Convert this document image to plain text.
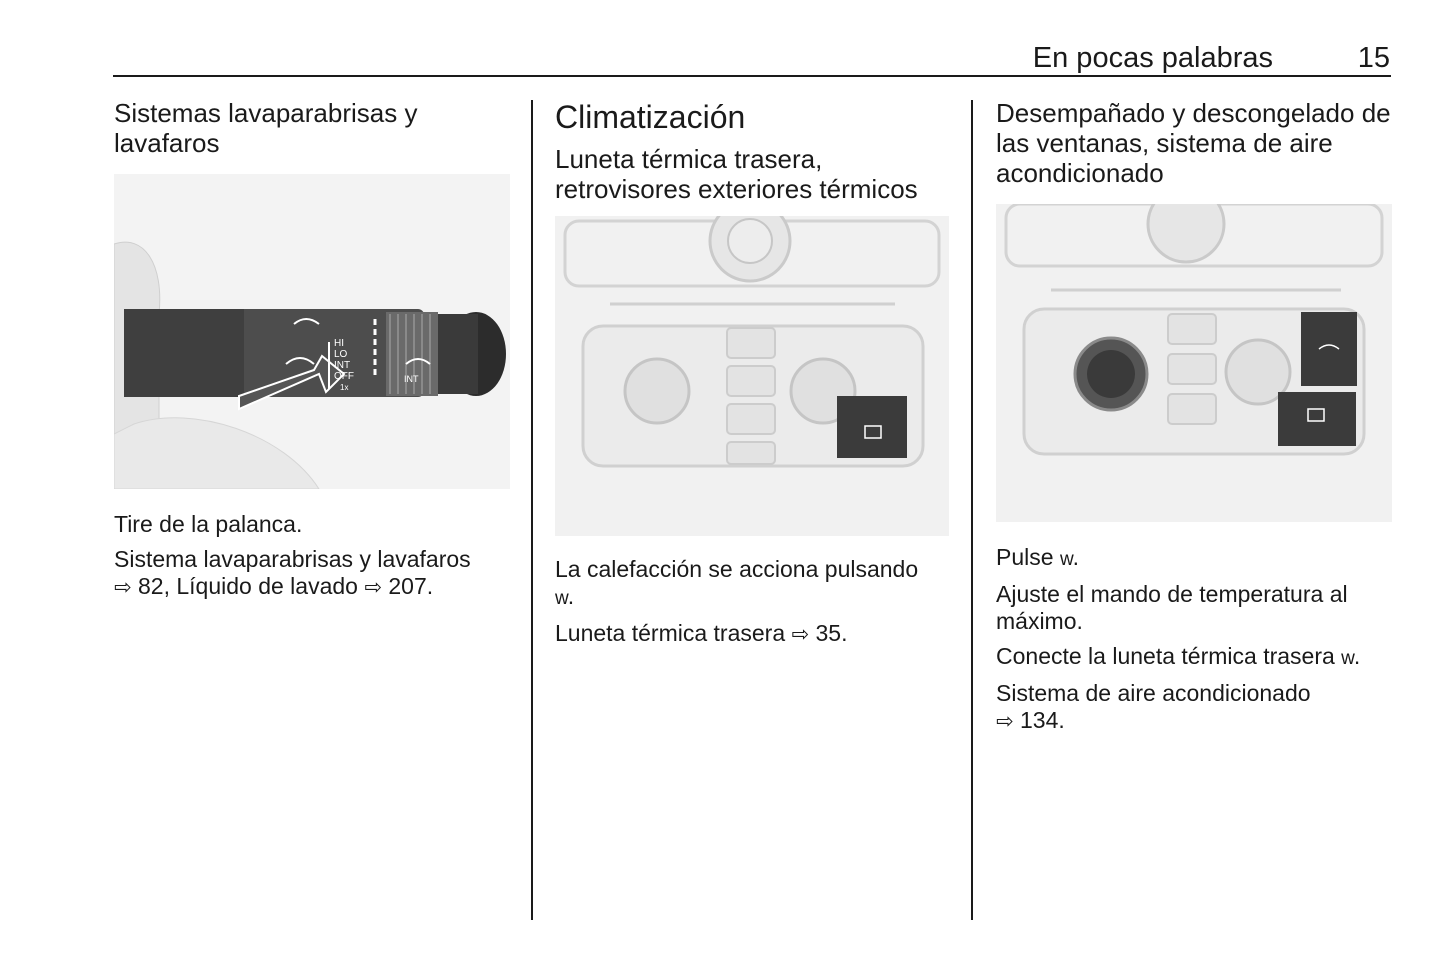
En pocas palabras	15
Sistemas lavaparabrisas y lavafaros
HI
LO
INT
OFF
1x
INT
Tire de la palanca.
Sistema lavaparabrisas y lavafaros
⇨ 82, Líquido de lavado ⇨ 207.
Climatización
Luneta térmica trasera, retrovisores exteriores térmicos
La calefacción se acciona pulsando
ᴡ.
Luneta térmica trasera ⇨ 35.
Desempañado y descongelado de las ventanas, sistema de aire acondicionado
Pulse ᴡ.
Ajuste el mando de temperatura al máximo.
Conecte la luneta térmica trasera ᴡ.
Sistema de aire acondicionado
⇨ 134.
